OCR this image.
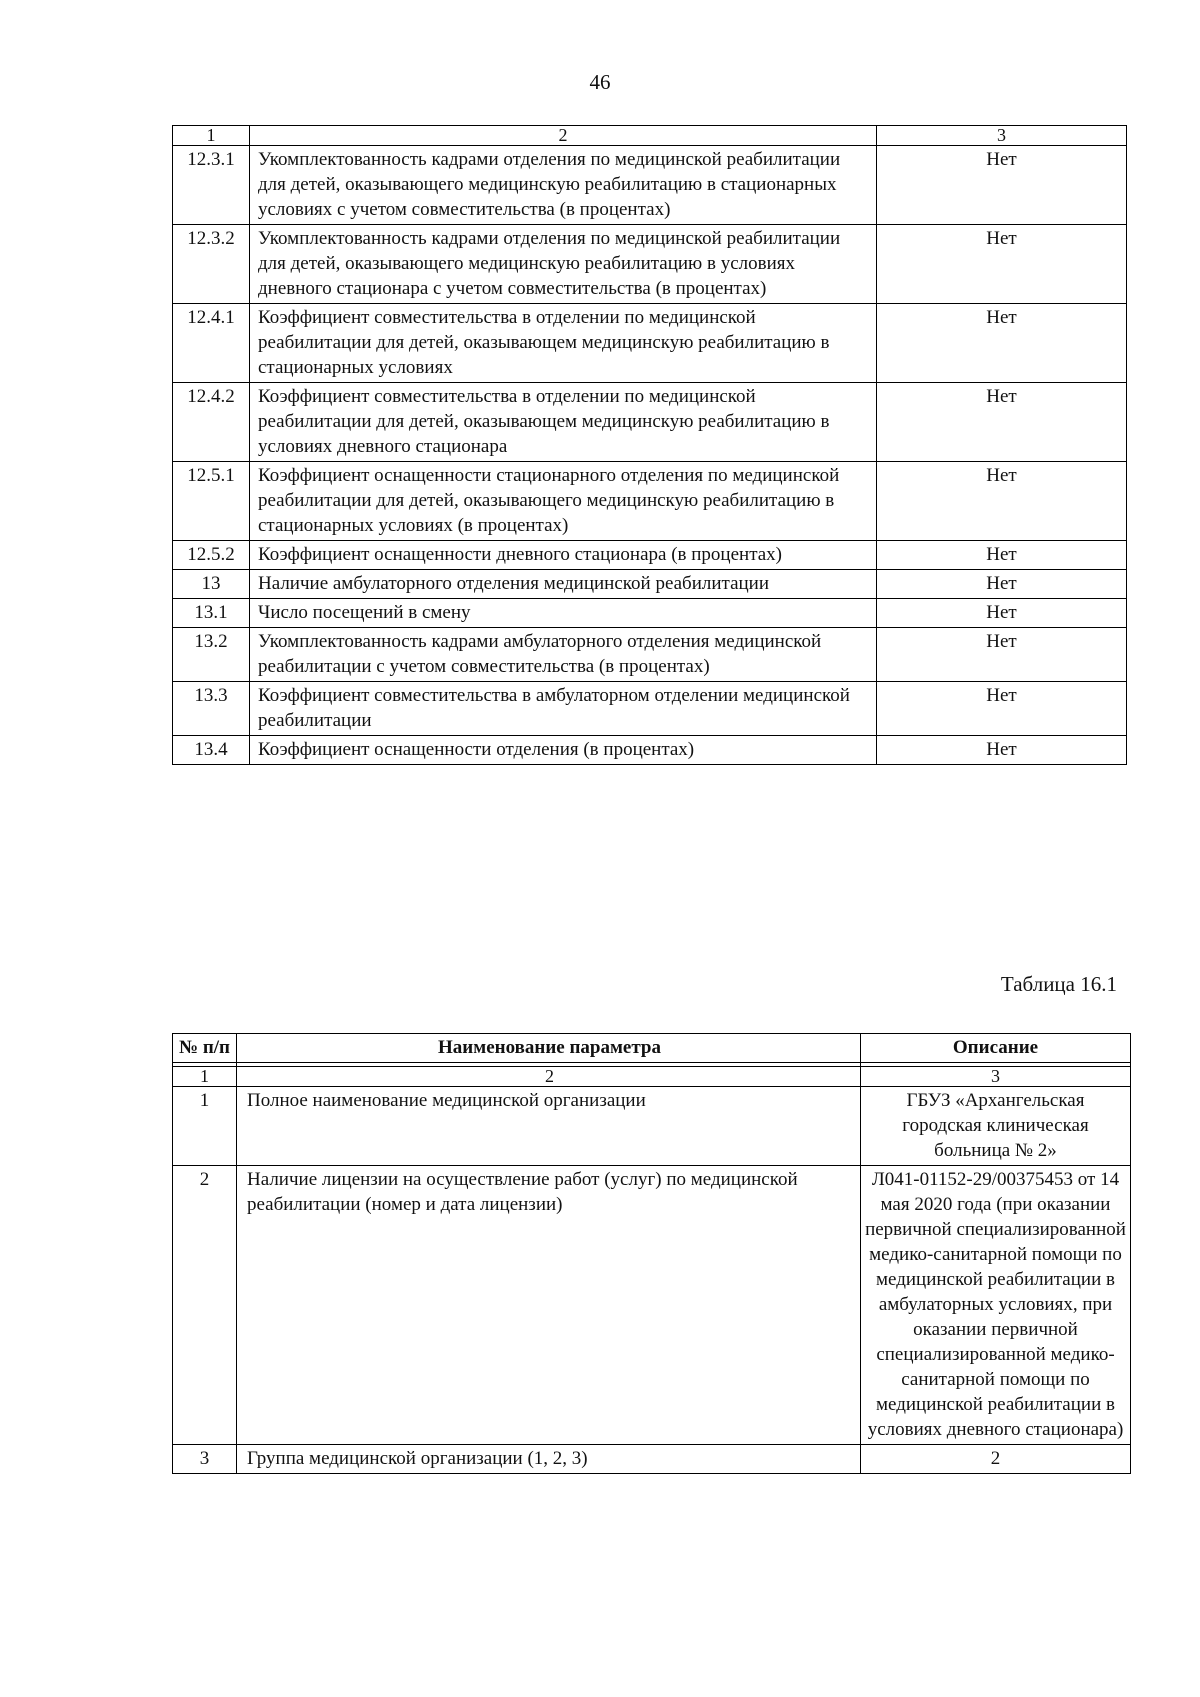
46
1	2	3
12.3.1	Укомплектованность кадрами отделения по медицинской реабилитации для детей, оказывающего медицинскую реабилитацию в стационарных условиях с учетом совместительства (в процентах)	Нет
12.3.2	Укомплектованность кадрами отделения по медицинской реабилитации для детей, оказывающего медицинскую реабилитацию в условиях дневного стационара с учетом совместительства (в процентах)	Нет
12.4.1	Коэффициент совместительства в отделении по медицинской реабилитации для детей, оказывающем медицинскую реабилитацию в стационарных условиях	Нет
12.4.2	Коэффициент совместительства в отделении по медицинской реабилитации для детей, оказывающем медицинскую реабилитацию в условиях дневного стационара	Нет
12.5.1	Коэффициент оснащенности стационарного отделения по медицинской реабилитации для детей, оказывающего медицинскую реабилитацию в стационарных условиях (в процентах)	Нет
12.5.2	Коэффициент оснащенности дневного стационара (в процентах)	Нет
13	Наличие амбулаторного отделения медицинской реабилитации	Нет
13.1	Число посещений в смену	Нет
13.2	Укомплектованность кадрами амбулаторного отделения медицинской реабилитации с учетом совместительства (в процентах)	Нет
13.3	Коэффициент совместительства в амбулаторном отделении медицинской реабилитации	Нет
13.4	Коэффициент оснащенности отделения (в процентах)	Нет
Таблица 16.1
№ п/п	Наименование параметра	Описание

1	2	3
1	Полное наименование медицинской организации	ГБУЗ «Архангельская городская клиническая больница № 2»
2	Наличие лицензии на осуществление работ (услуг) по медицинской реабилитации (номер и дата лицензии)	Л041-01152-29/00375453 от 14 мая 2020 года (при оказании первичной специализированной медико-санитарной помощи по медицинской реабилитации в амбулаторных условиях, при оказании первичной специализированной медико-санитарной помощи по медицинской реабилитации в условиях дневного стационара)
3	Группа медицинской организации (1, 2, 3)	2
